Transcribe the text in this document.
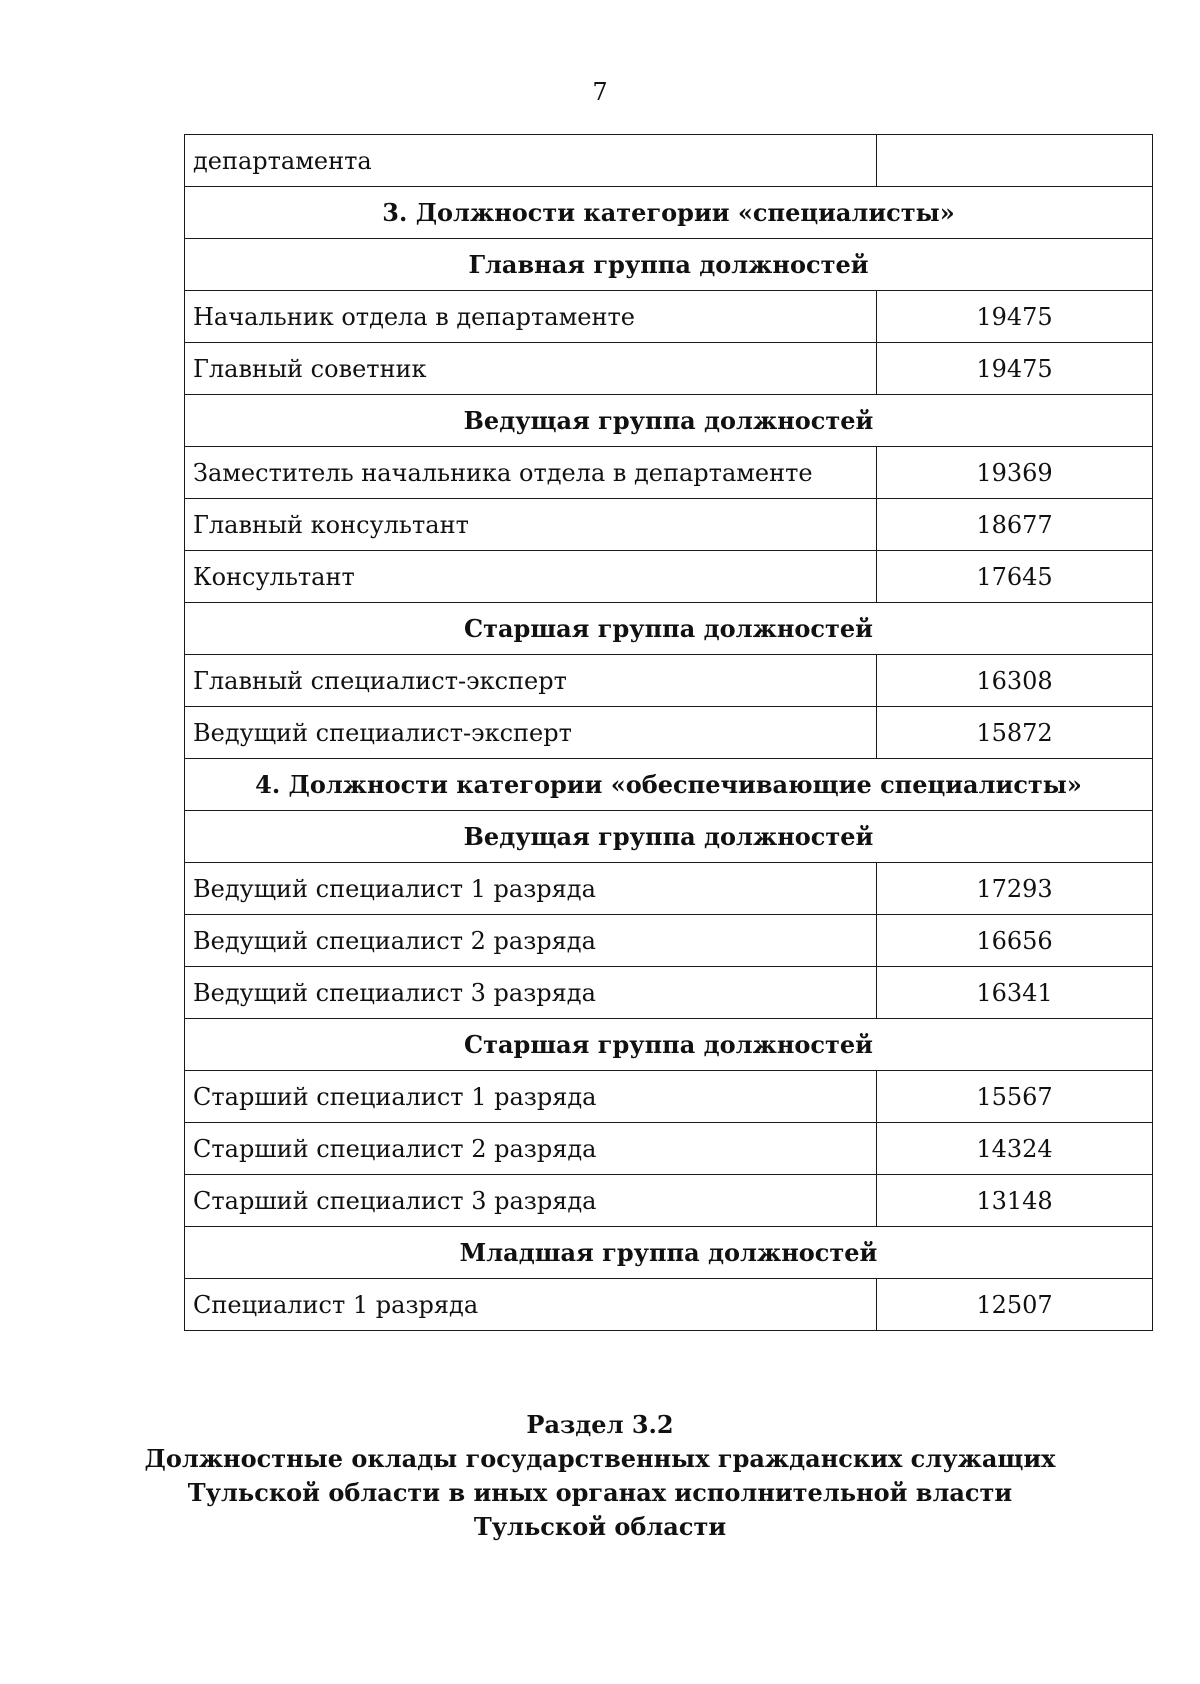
7
департамента	
3. Должности категории «специалисты»	
Главная группа должностей	
Начальник отдела в департаменте	19475
Главный советник	19475
Ведущая группа должностей	
Заместитель начальника отдела в департаменте	19369
Главный консультант	18677
Консультант	17645
Старшая группа должностей	
Главный специалист-эксперт	16308
Ведущий специалист-эксперт	15872
4. Должности категории «обеспечивающие специалисты»	
Ведущая группа должностей	
Ведущий специалист 1 разряда	17293
Ведущий специалист 2 разряда	16656
Ведущий специалист 3 разряда	16341
Старшая группа должностей	
Старший специалист 1 разряда	15567
Старший специалист 2 разряда	14324
Старший специалист 3 разряда	13148
Младшая группа должностей	
Специалист 1 разряда	12507
Раздел 3.2
Должностные оклады государственных гражданских служащих
Тульской области в иных органах исполнительной власти
Тульской области
